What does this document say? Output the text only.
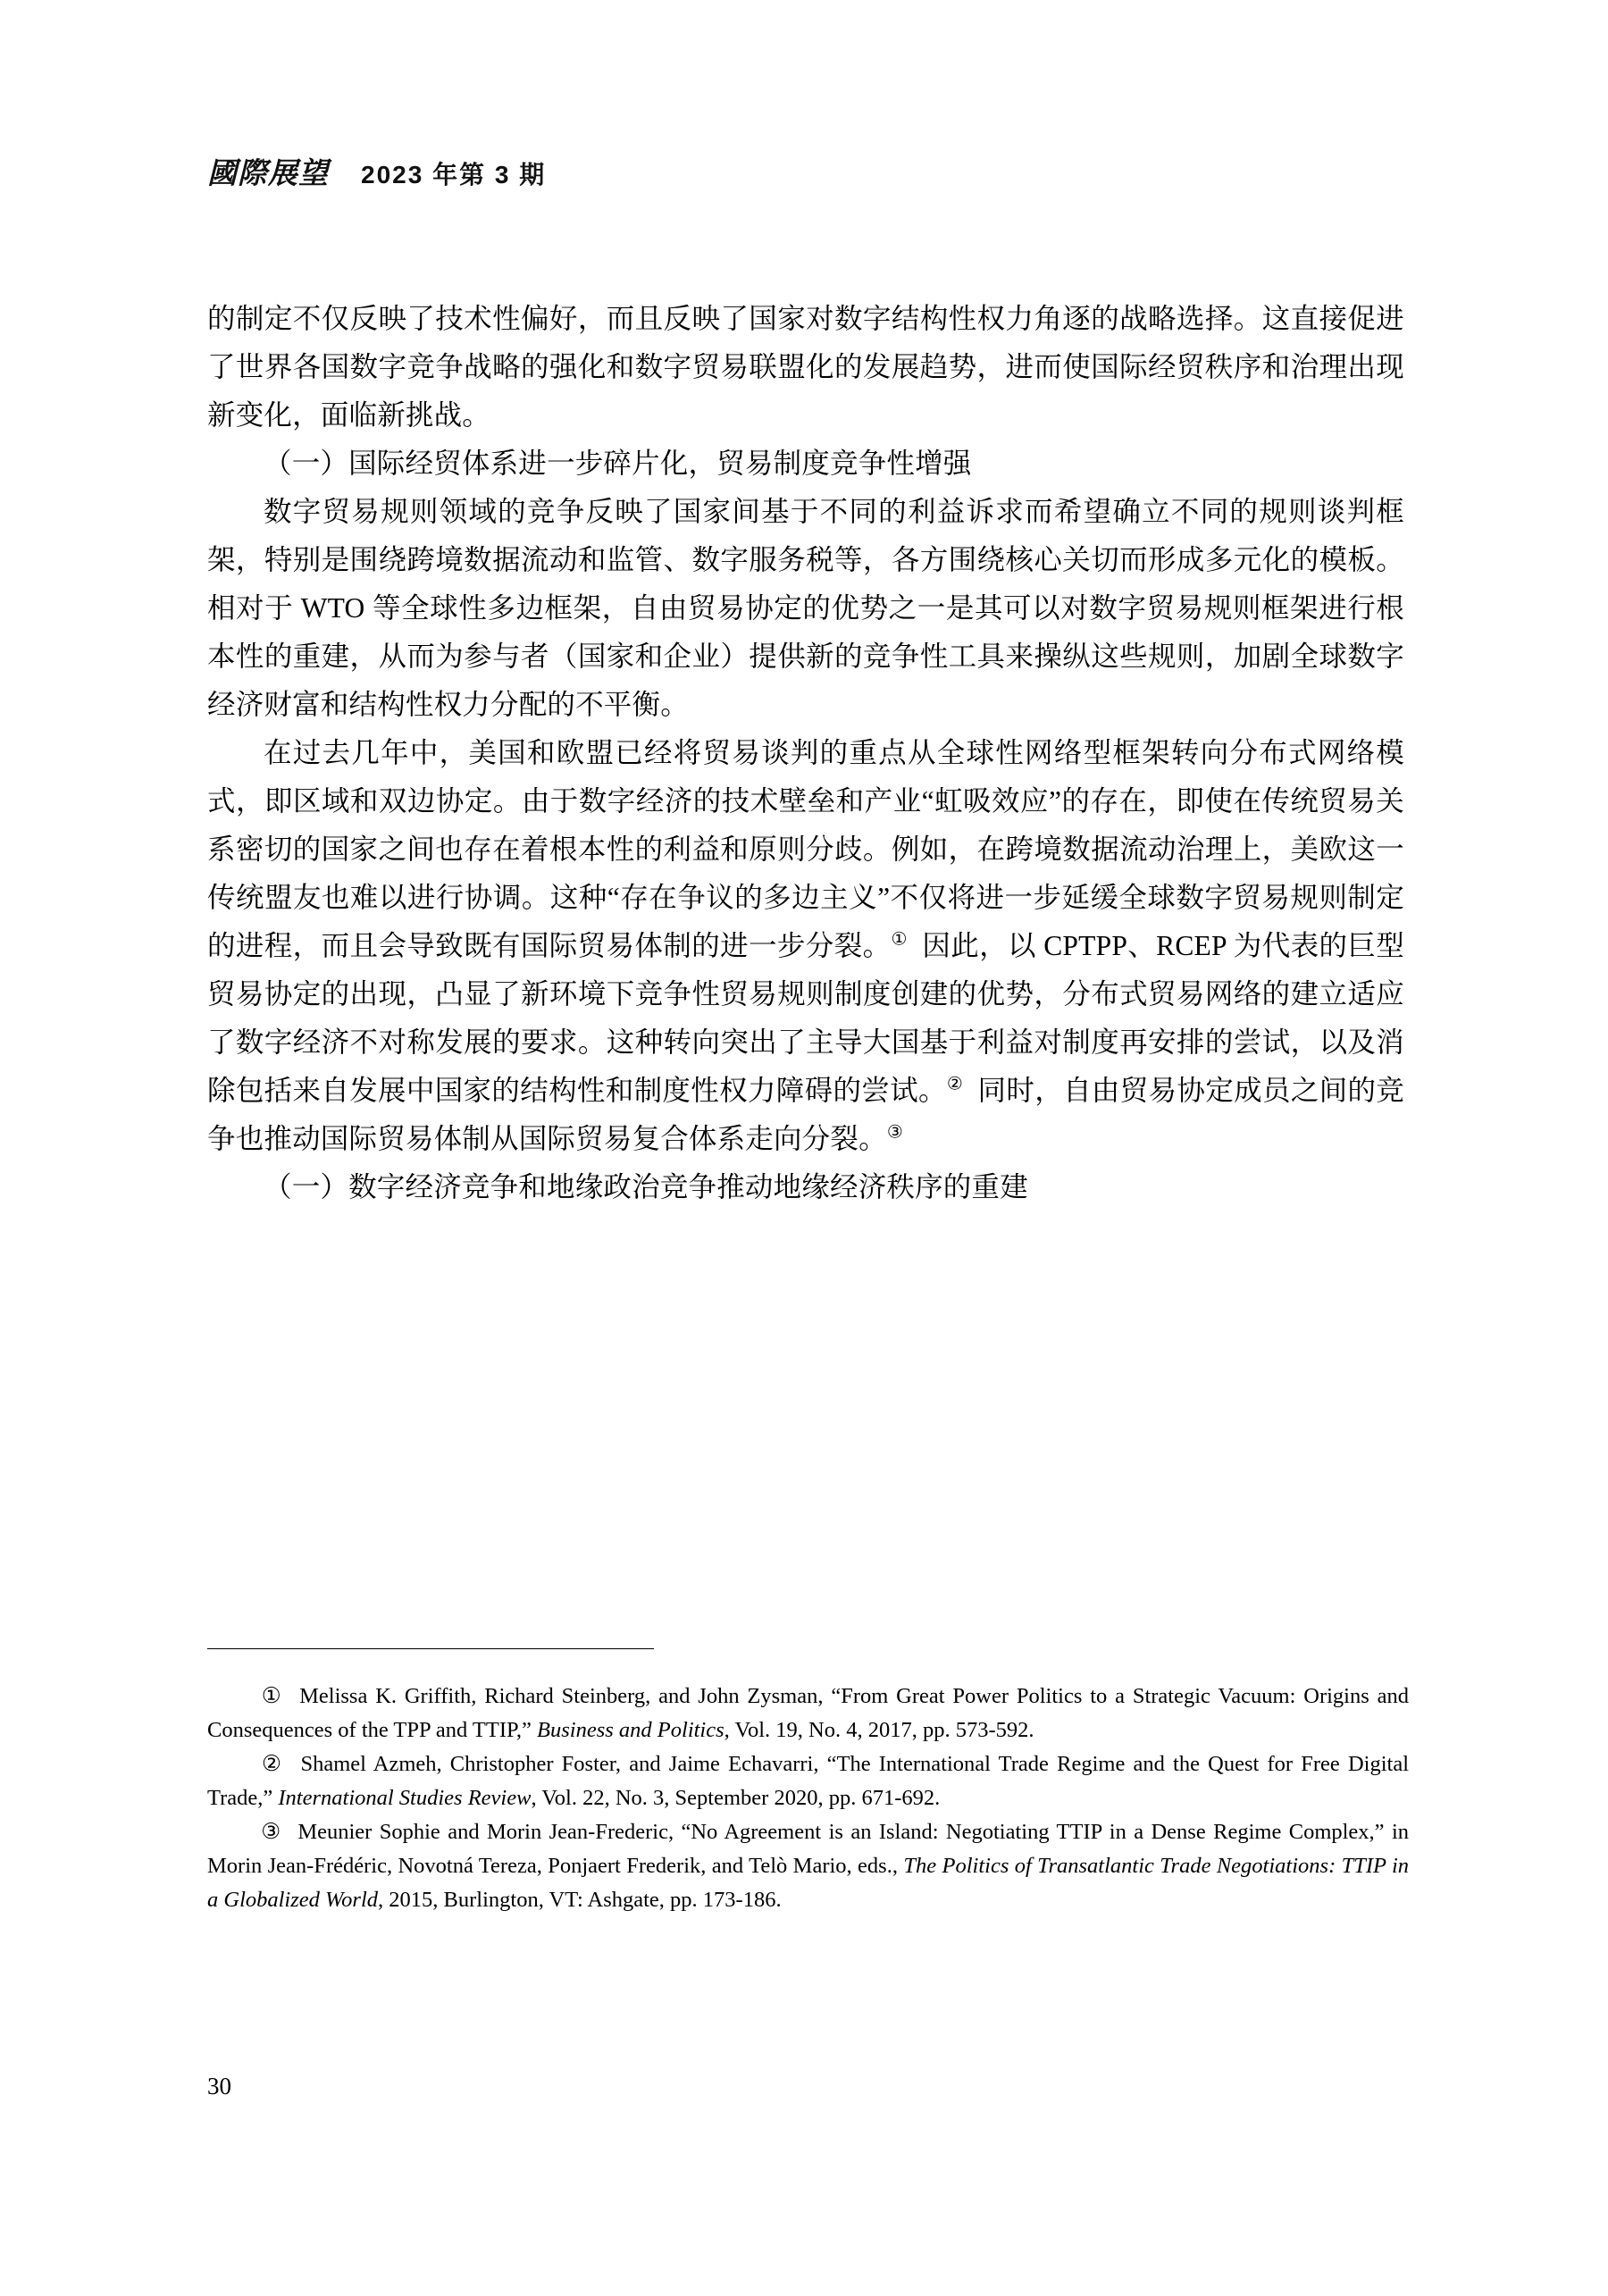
國際展望 2023 年第 3 期

的制定不仅反映了技术性偏好，而且反映了国家对数字结构性权力角逐的战略选择。这直接促进了世界各国数字竞争战略的强化和数字贸易联盟化的发展趋势，进而使国际经贸秩序和治理出现新变化，面临新挑战。

（一）国际经贸体系进一步碎片化，贸易制度竞争性增强

数字贸易规则领域的竞争反映了国家间基于不同的利益诉求而希望确立不同的规则谈判框架，特别是围绕跨境数据流动和监管、数字服务税等，各方围绕核心关切而形成多元化的模板。相对于 WTO 等全球性多边框架，自由贸易协定的优势之一是其可以对数字贸易规则框架进行根本性的重建，从而为参与者（国家和企业）提供新的竞争性工具来操纵这些规则，加剧全球数字经济财富和结构性权力分配的不平衡。

在过去几年中，美国和欧盟已经将贸易谈判的重点从全球性网络型框架转向分布式网络模式，即区域和双边协定。由于数字经济的技术壁垒和产业“虹吸效应”的存在，即使在传统贸易关系密切的国家之间也存在着根本性的利益和原则分歧。例如，在跨境数据流动治理上，美欧这一传统盟友也难以进行协调。这种“存在争议的多边主义”不仅将进一步延缓全球数字贸易规则制定的进程，而且会导致既有国际贸易体制的进一步分裂。① 因此，以 CPTPP、RCEP 为代表的巨型贸易协定的出现，凸显了新环境下竞争性贸易规则制度创建的优势，分布式贸易网络的建立适应了数字经济不对称发展的要求。这种转向突出了主导大国基于利益对制度再安排的尝试，以及消除包括来自发展中国家的结构性和制度性权力障碍的尝试。② 同时，自由贸易协定成员之间的竞争也推动国际贸易体制从国际贸易复合体系走向分裂。③

（一）数字经济竞争和地缘政治竞争推动地缘经济秩序的重建

① Melissa K. Griffith, Richard Steinberg, and John Zysman, “From Great Power Politics to a Strategic Vacuum: Origins and Consequences of the TPP and TTIP,” Business and Politics, Vol. 19, No. 4, 2017, pp. 573-592.

② Shamel Azmeh, Christopher Foster, and Jaime Echavarri, “The International Trade Regime and the Quest for Free Digital Trade,” International Studies Review, Vol. 22, No. 3, September 2020, pp. 671-692.

③ Meunier Sophie and Morin Jean-Frederic, “No Agreement is an Island: Negotiating TTIP in a Dense Regime Complex,” in Morin Jean-Frédéric, Novotná Tereza, Ponjaert Frederik, and Telò Mario, eds., The Politics of Transatlantic Trade Negotiations: TTIP in a Globalized World, 2015, Burlington, VT: Ashgate, pp. 173-186.

30
